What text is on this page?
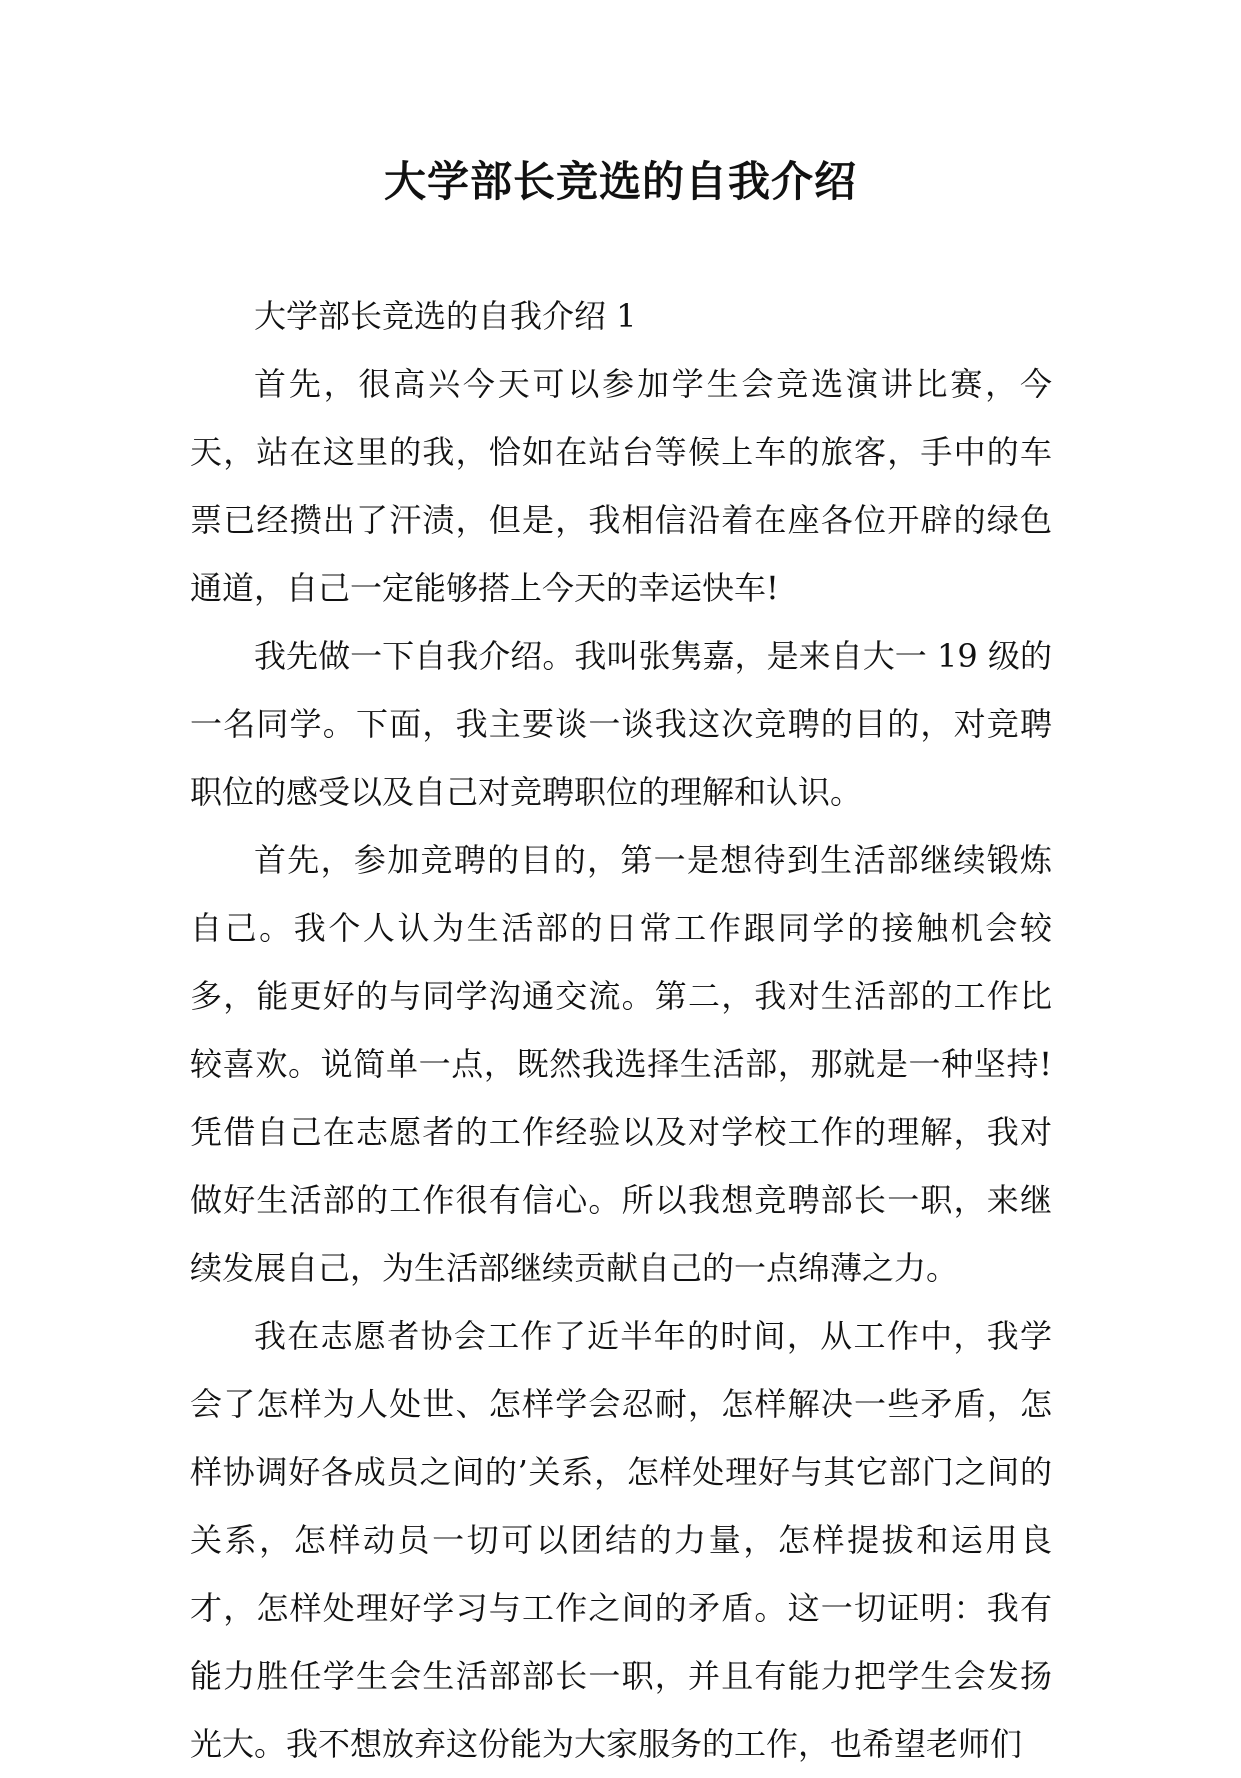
大学部长竞选的自我介绍

大学部长竞选的自我介绍 1

首先，很高兴今天可以参加学生会竞选演讲比赛，今天，站在这里的我，恰如在站台等候上车的旅客，手中的车票已经攒出了汗渍，但是，我相信沿着在座各位开辟的绿色通道，自己一定能够搭上今天的幸运快车!

我先做一下自我介绍。我叫张隽嘉，是来自大一 19 级的一名同学。下面，我主要谈一谈我这次竞聘的目的，对竞聘职位的感受以及自己对竞聘职位的理解和认识。

首先，参加竞聘的目的，第一是想待到生活部继续锻炼自己。我个人认为生活部的日常工作跟同学的接触机会较多，能更好的与同学沟通交流。第二，我对生活部的工作比较喜欢。说简单一点，既然我选择生活部，那就是一种坚持!凭借自己在志愿者的工作经验以及对学校工作的理解，我对做好生活部的工作很有信心。所以我想竞聘部长一职，来继续发展自己，为生活部继续贡献自己的一点绵薄之力。

我在志愿者协会工作了近半年的时间，从工作中，我学会了怎样为人处世、怎样学会忍耐，怎样解决一些矛盾，怎样协调好各成员之间的’关系，怎样处理好与其它部门之间的关系，怎样动员一切可以团结的力量，怎样提拔和运用良才，怎样处理好学习与工作之间的矛盾。这一切证明：我有能力胜任学生会生活部部长一职，并且有能力把学生会发扬光大。我不想放弃这份能为大家服务的工作，也希望老师们
